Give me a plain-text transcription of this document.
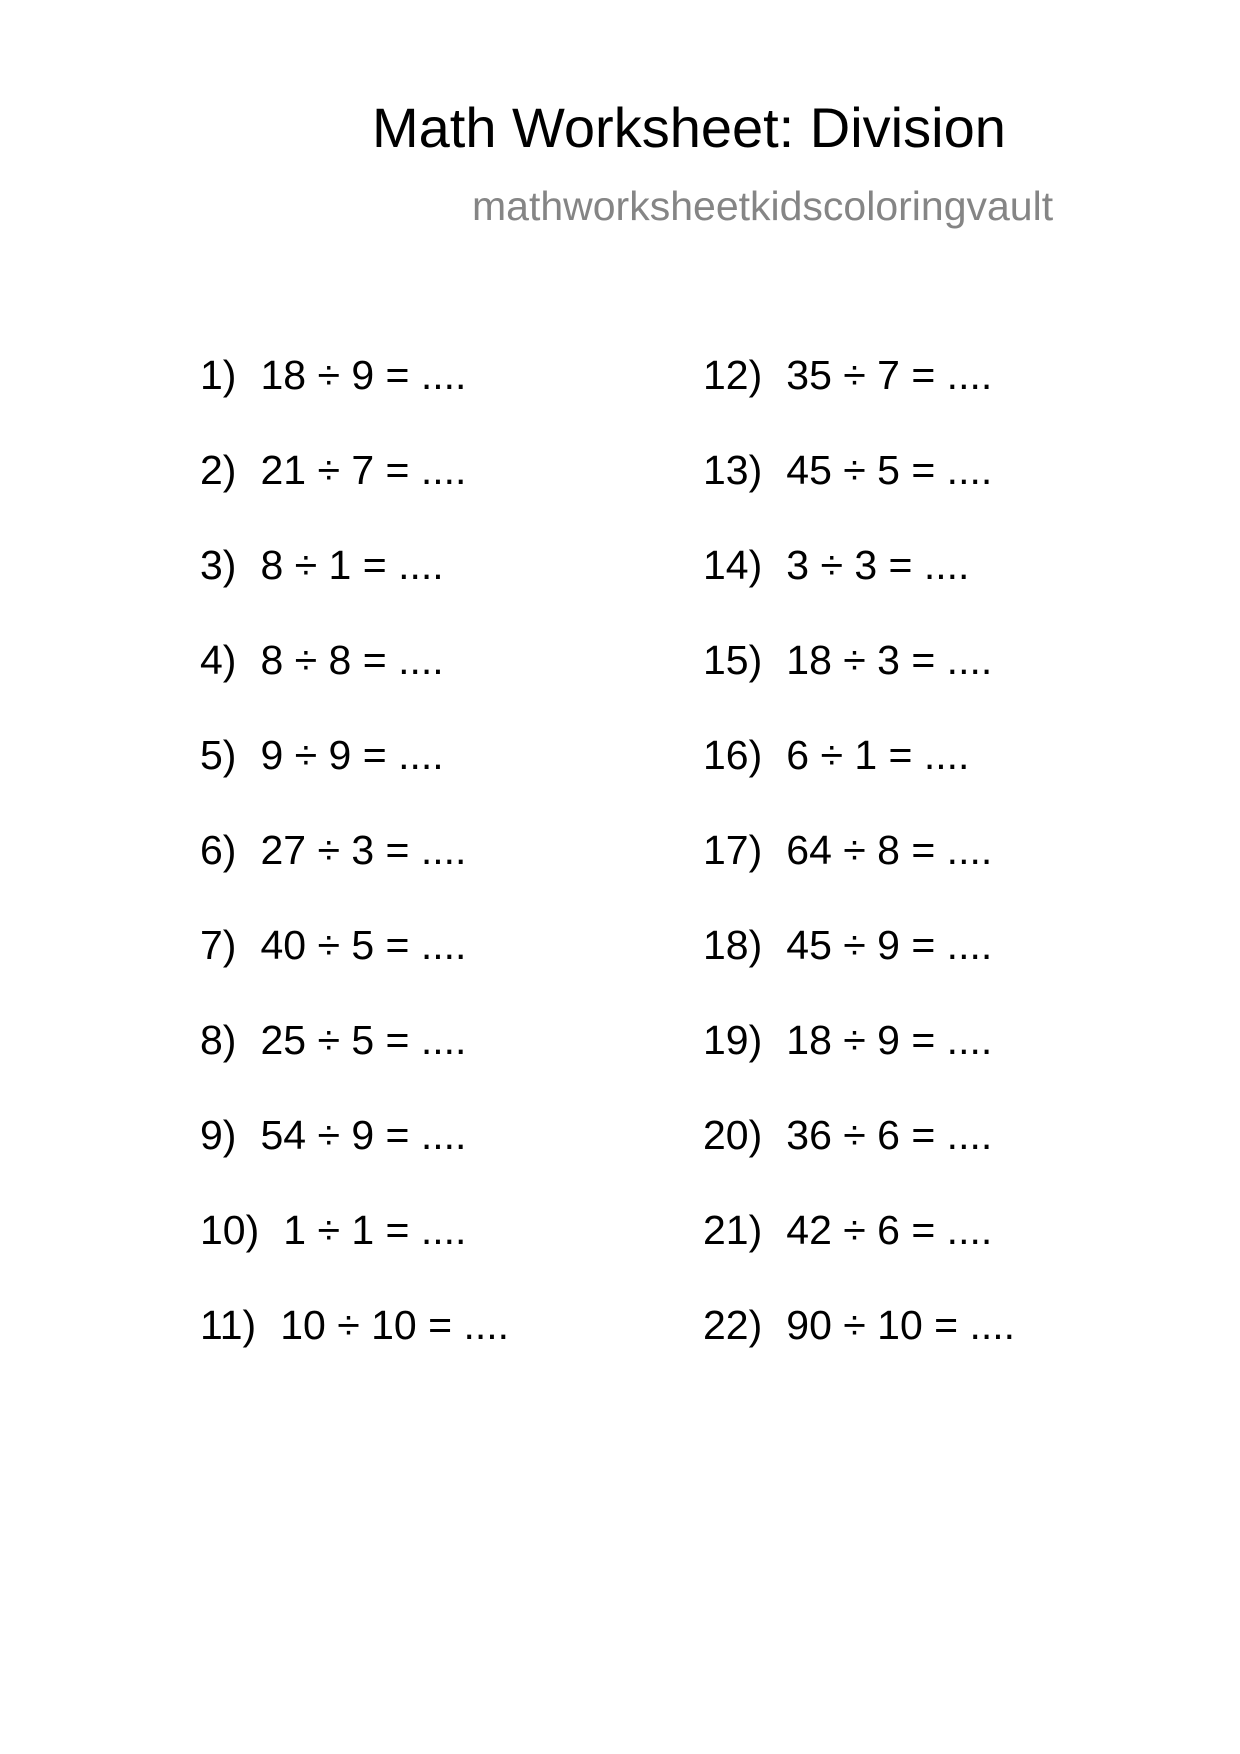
Math Worksheet: Division
mathworksheetkidscoloringvault
1) 18 ÷ 9 = ....
2) 21 ÷ 7 = ....
3) 8 ÷ 1 = ....
4) 8 ÷ 8 = ....
5) 9 ÷ 9 = ....
6) 27 ÷ 3 = ....
7) 40 ÷ 5 = ....
8) 25 ÷ 5 = ....
9) 54 ÷ 9 = ....
10) 1 ÷ 1 = ....
11) 10 ÷ 10 = ....
12) 35 ÷ 7 = ....
13) 45 ÷ 5 = ....
14) 3 ÷ 3 = ....
15) 18 ÷ 3 = ....
16) 6 ÷ 1 = ....
17) 64 ÷ 8 = ....
18) 45 ÷ 9 = ....
19) 18 ÷ 9 = ....
20) 36 ÷ 6 = ....
21) 42 ÷ 6 = ....
22) 90 ÷ 10 = ....
